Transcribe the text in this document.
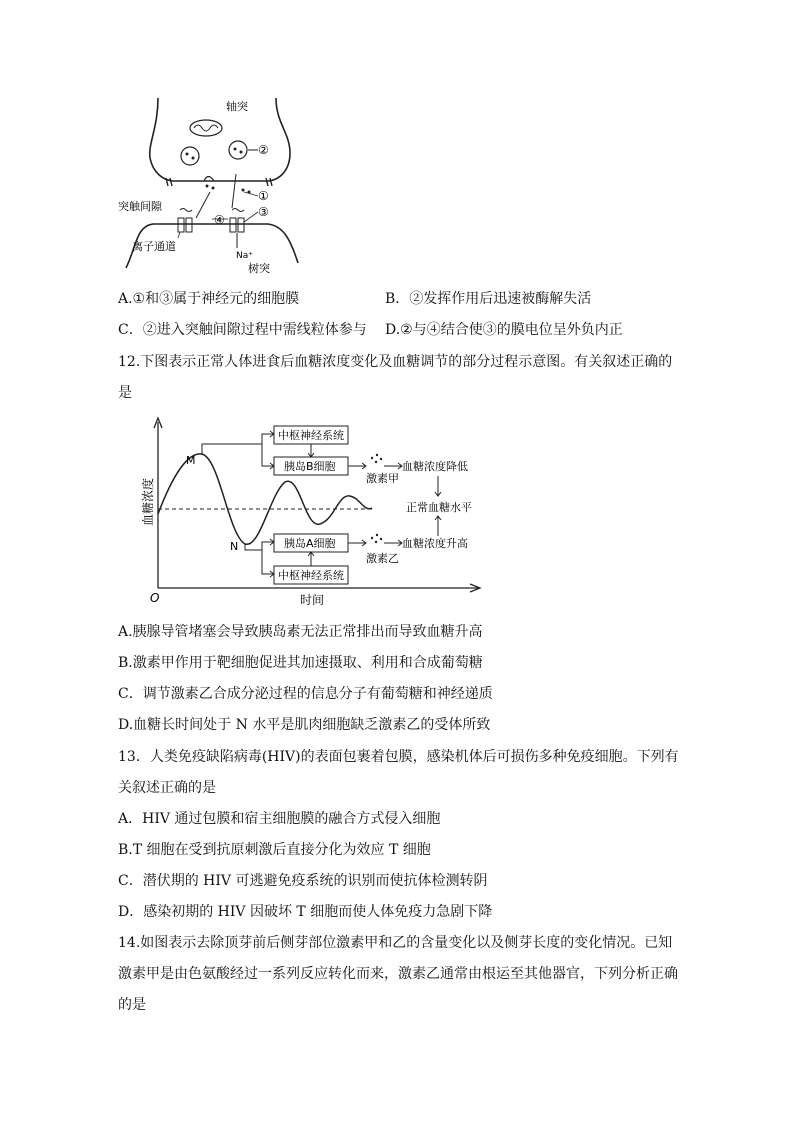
轴突
②
突触间隙
①
③
④
离子通道
Na⁺
树突
A.①和③属于神经元的细胞膜	B．②发挥作用后迅速被酶解失活
C．②进入突触间隙过程中需线粒体参与 D.②与④结合使③的膜电位呈外负内正
12.下图表示正常人体进食后血糖浓度变化及血糖调节的部分过程示意图。有关叙述正确的
是
血糖浓度
O	时间
M
N
中枢神经系统
胰岛B细胞
激素甲
血糖浓度降低
正常血糖水平
胰岛A细胞	血糖浓度升高
激素乙
中枢神经系统
A.胰腺导管堵塞会导致胰岛素无法正常排出而导致血糖升高
B.激素甲作用于靶细胞促进其加速摄取、利用和合成葡萄糖
C．调节激素乙合成分泌过程的信息分子有葡萄糖和神经递质
D.血糖长时间处于 N 水平是肌肉细胞缺乏激素乙的受体所致
13．人类免疫缺陷病毒(HIV)的表面包裹着包膜，感染机体后可损伤多种免疫细胞。下列有
关叙述正确的是
A．HIV 通过包膜和宿主细胞膜的融合方式侵入细胞
B.T 细胞在受到抗原刺激后直接分化为效应 T 细胞
C．潜伏期的 HIV 可逃避免疫系统的识别而使抗体检测转阴
D．感染初期的 HIV 因破坏 T 细胞而使人体免疫力急剧下降
14.如图表示去除顶芽前后侧芽部位激素甲和乙的含量变化以及侧芽长度的变化情况。已知
激素甲是由色氨酸经过一系列反应转化而来，激素乙通常由根运至其他器官，下列分析正确
的是
